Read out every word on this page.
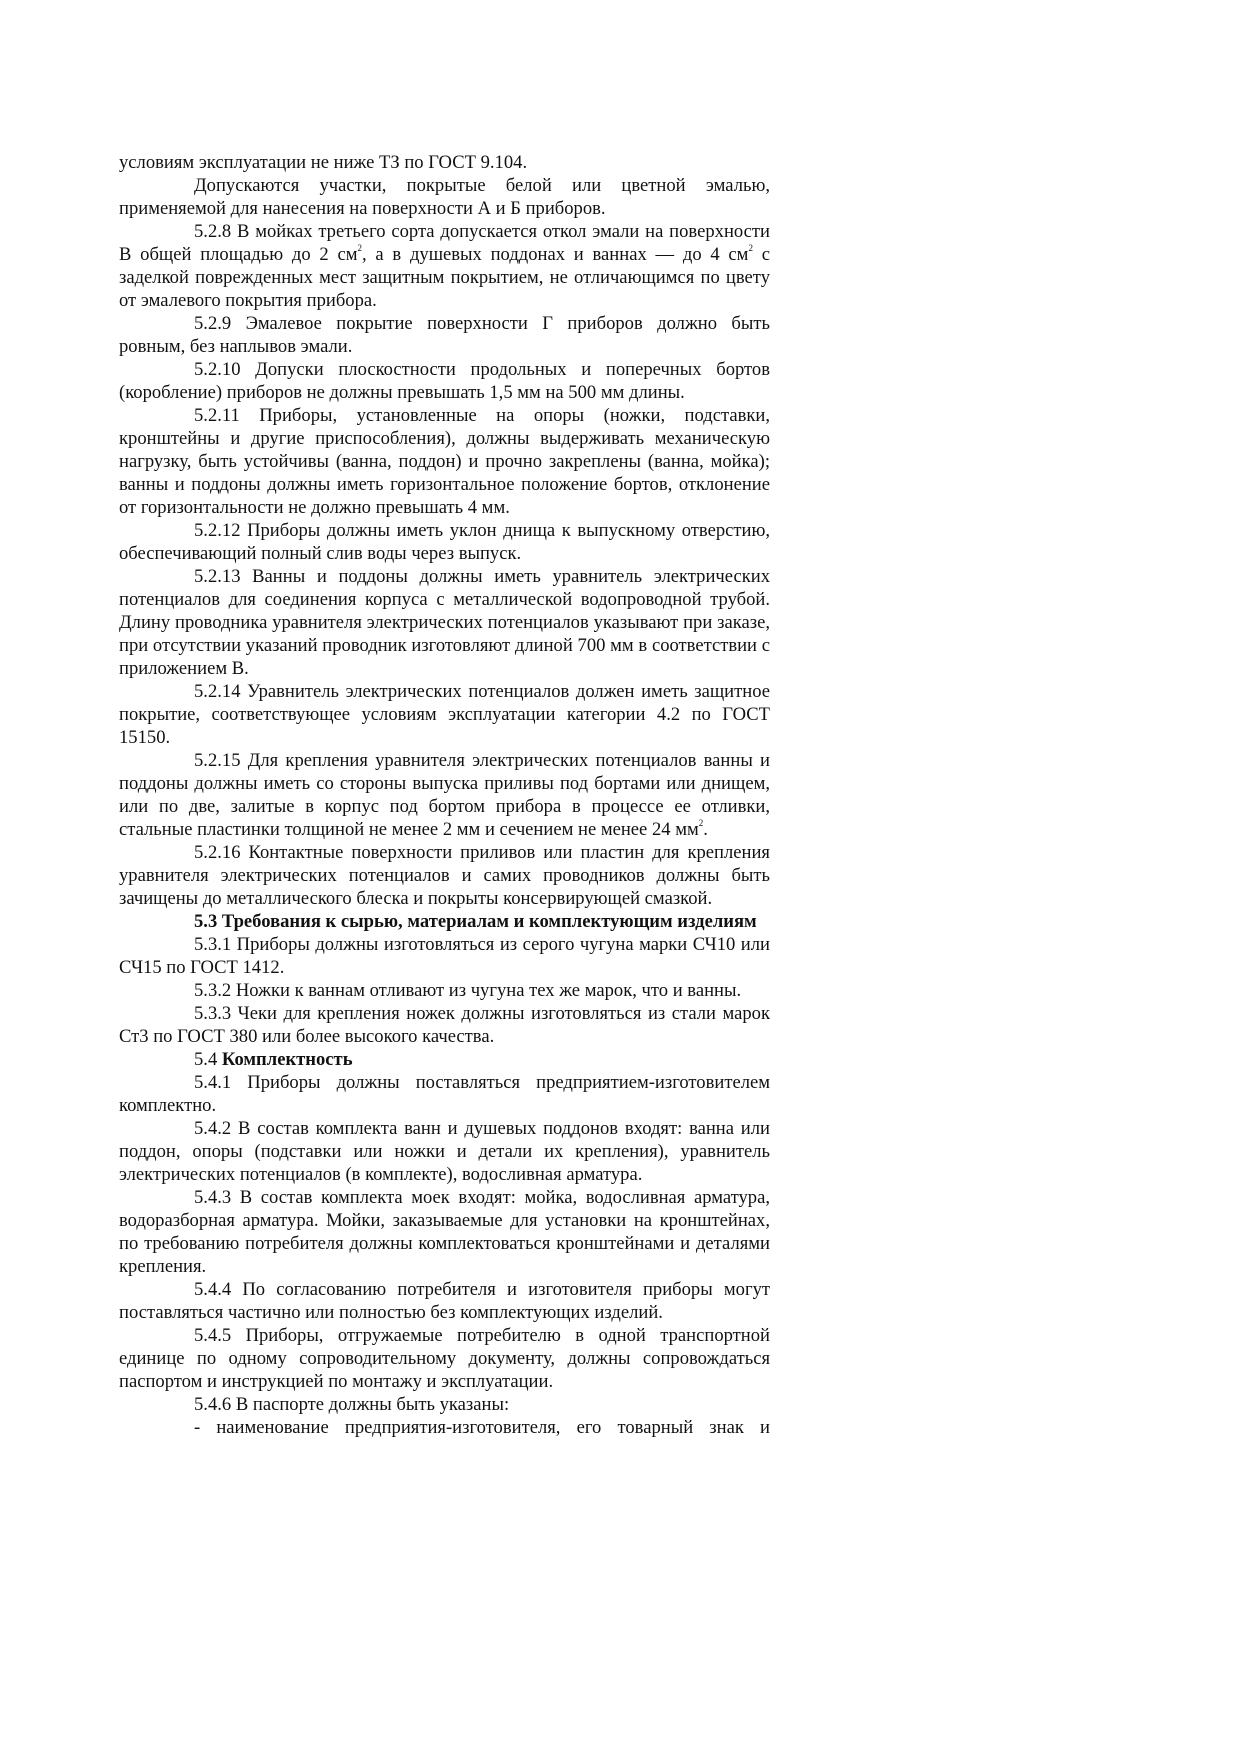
условиям эксплуатации не ниже ТЗ по ГОСТ 9.104.

Допускаются участки, покрытые белой или цветной эмалью, применяемой для нанесения на поверхности А и Б приборов.

5.2.8 В мойках третьего сорта допускается откол эмали на поверхности В общей площадью до 2 $см^2$, а в душевых поддонах и ваннах — до 4 $см^2$ с заделкой поврежденных мест защитным покрытием, не отличающимся по цвету от эмалевого покрытия прибора.

5.2.9 Эмалевое покрытие поверхности Г приборов должно быть ровным, без наплывов эмали.

5.2.10 Допуски плоскостности продольных и поперечных бортов (коробление) приборов не должны превышать 1,5 мм на 500 мм длины.

5.2.11 Приборы, установленные на опоры (ножки, подставки, кронштейны и другие приспособления), должны выдерживать механическую нагрузку, быть устойчивы (ванна, поддон) и прочно закреплены (ванна, мойка); ванны и поддоны должны иметь горизонтальное положение бортов, отклонение от горизонтальности не должно превышать 4 мм.

5.2.12 Приборы должны иметь уклон днища к выпускному отверстию, обеспечивающий полный слив воды через выпуск.

5.2.13 Ванны и поддоны должны иметь уравнитель электрических потенциалов для соединения корпуса с металлической водопроводной трубой. Длину проводника уравнителя электрических потенциалов указывают при заказе, при отсутствии указаний проводник изготовляют длиной 700 мм в соответствии с приложением В.

5.2.14 Уравнитель электрических потенциалов должен иметь защитное покрытие, соответствующее условиям эксплуатации категории 4.2 по ГОСТ 15150.

5.2.15 Для крепления уравнителя электрических потенциалов ванны и поддоны должны иметь со стороны выпуска приливы под бортами или днищем, или по две, залитые в корпус под бортом прибора в процессе ее отливки, стальные пластинки толщиной не менее 2 мм и сечением не менее 24 $мм^2$.

5.2.16 Контактные поверхности приливов или пластин для крепления уравнителя электрических потенциалов и самих проводников должны быть зачищены до металлического блеска и покрыты консервирующей смазкой.

5.3 Требования к сырью, материалам и комплектующим изделиям

5.3.1 Приборы должны изготовляться из серого чугуна марки СЧ10 или СЧ15 по ГОСТ 1412.

5.3.2 Ножки к ваннам отливают из чугуна тех же марок, что и ванны.

5.3.3 Чеки для крепления ножек должны изготовляться из стали марок Ст3 по ГОСТ 380 или более высокого качества.

5.4 Комплектность

5.4.1 Приборы должны поставляться предприятием-изготовителем комплектно.

5.4.2 В состав комплекта ванн и душевых поддонов входят: ванна или поддон, опоры (подставки или ножки и детали их крепления), уравнитель электрических потенциалов (в комплекте), водосливная арматура.

5.4.3 В состав комплекта моек входят: мойка, водосливная арматура, водоразборная арматура. Мойки, заказываемые для установки на кронштейнах, по требованию потребителя должны комплектоваться кронштейнами и деталями крепления.

5.4.4 По согласованию потребителя и изготовителя приборы могут поставляться частично или полностью без комплектующих изделий.

5.4.5 Приборы, отгружаемые потребителю в одной транспортной единице по одному сопроводительному документу, должны сопровождаться паспортом и инструкцией по монтажу и эксплуатации.

5.4.6 В паспорте должны быть указаны:

- наименование предприятия-изготовителя, его товарный знак и
